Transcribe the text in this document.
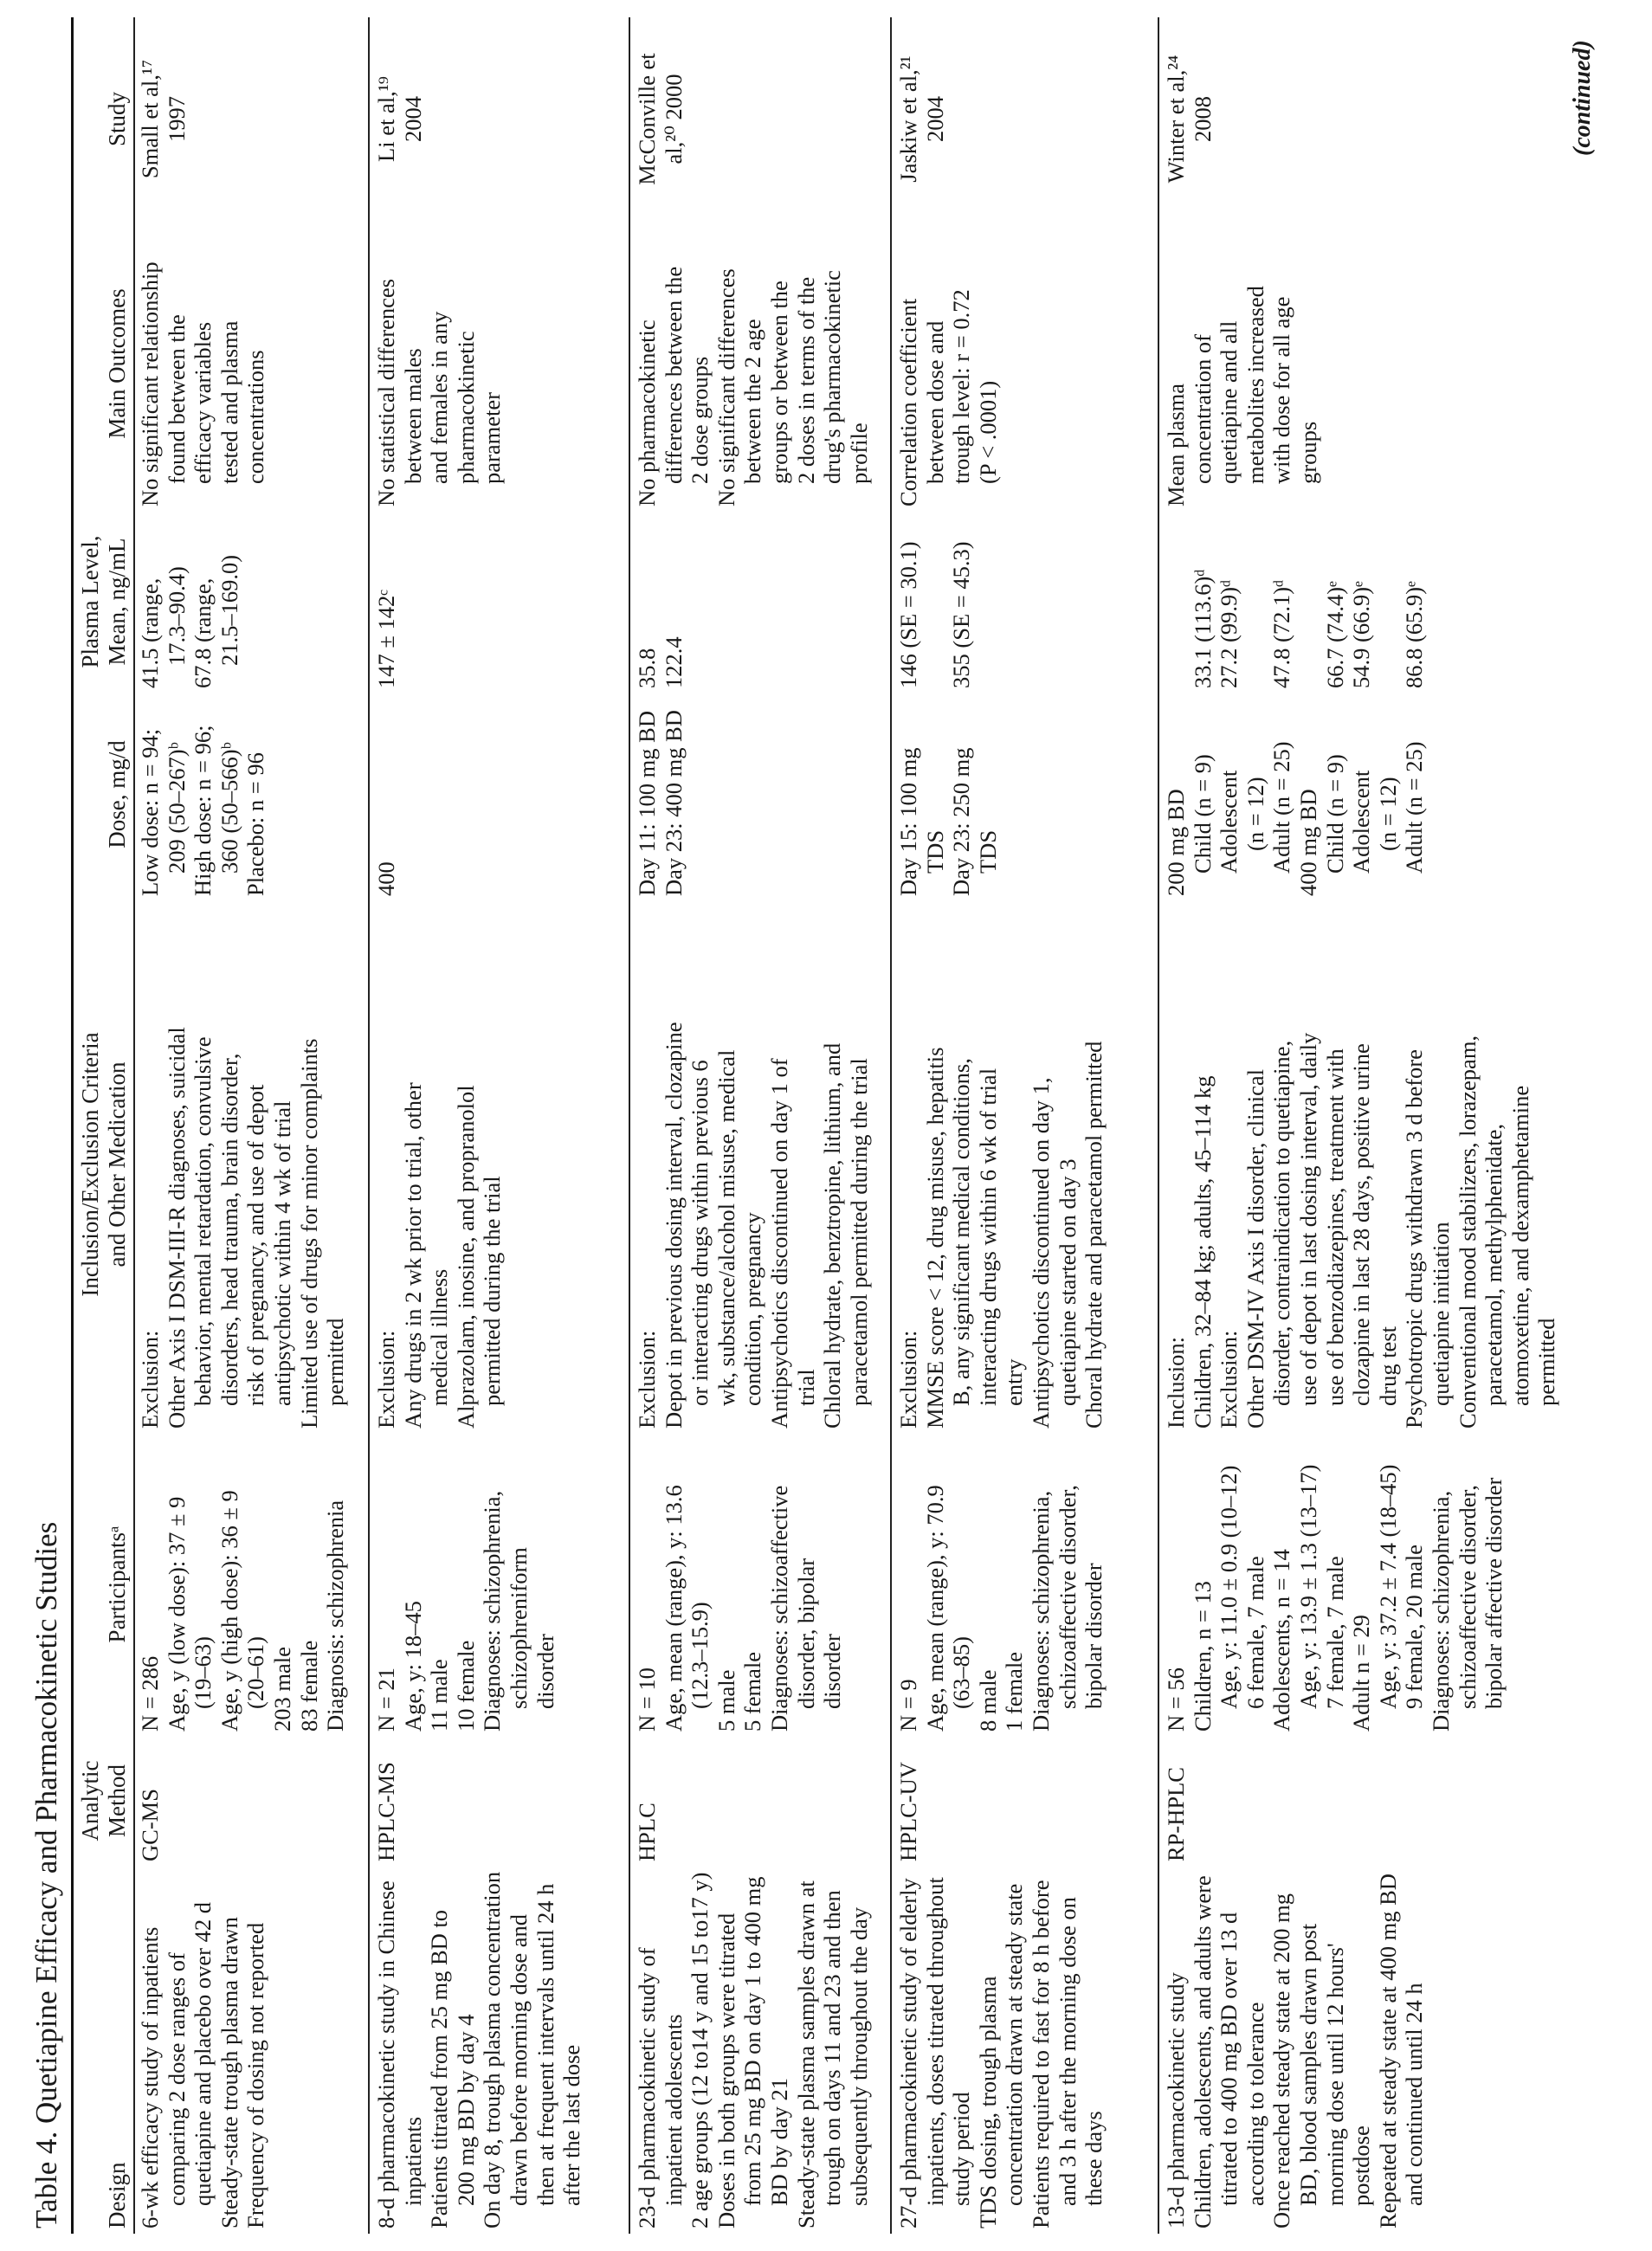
Table 4. Quetiapine Efficacy and Pharmacokinetic Studies Design
Analytic Method
Participantsᵃ
Inclusion/Exclusion Criteria and Other Medication
Dose, mg/d
Plasma Level, Mean, ng/mL
Main Outcomes
Study
6-wk efficacy study of inpatients comparing 2 dose ranges of quetiapine and placebo over 42 d Steady-state trough plasma drawn Frequency of dosing not reported
GC-MS
N = 286 Age, y (low dose): 37 ± 9 (19–63) Age, y (high dose): 36 ± 9 (20–61) 203 male 83 female Diagnosis: schizophrenia
Exclusion: Other Axis I DSM-III-R diagnoses, suicidal behavior, mental retardation, convulsive disorders, head trauma, brain disorder, risk of pregnancy, and use of depot antipsychotic within 4 wk of trial Limited use of drugs for minor complaints permitted
Low dose: n = 94; 209 (50–267)ᵇ High dose: n = 96; 360 (50–566)ᵇ Placebo: n = 96
41.5 (range, 17.3–90.4) 67.8 (range, 21.5–169.0)
No significant relationship found between the efficacy variables tested and plasma concentrations
Small et al,¹⁷ 1997
8-d pharmacokinetic study in Chinese inpatients Patients titrated from 25 mg BD to 200 mg BD by day 4 On day 8, trough plasma concentration drawn before morning dose and then at frequent intervals until 24 h after the last dose
HPLC-MS
N = 21 Age, y: 18–45 11 male 10 female Diagnoses: schizophrenia, schizophreniform disorder
Exclusion: Any drugs in 2 wk prior to trial, other medical illness Alprazolam, inosine, and propranolol permitted during the trial
400
147 ± 142ᶜ
No statistical differences between males and females in any pharmacokinetic parameter
Li et al,¹⁹ 2004
23-d pharmacokinetic study of inpatient adolescents 2 age groups (12 to14 y and 15 to17 y) Doses in both groups were titrated from 25 mg BD on day 1 to 400 mg BD by day 21 Steady-state plasma samples drawn at trough on days 11 and 23 and then subsequently throughout the day
HPLC
N = 10 Age, mean (range), y: 13.6 (12.3–15.9) 5 male 5 female Diagnoses: schizoaffective disorder, bipolar disorder
Exclusion: Depot in previous dosing interval, clozapine or interacting drugs within previous 6 wk, substance/alcohol misuse, medical condition, pregnancy Antipsychotics discontinued on day 1 of trial Chloral hydrate, benztropine, lithium, and paracetamol permitted during the trial
Day 11: 100 mg BD Day 23: 400 mg BD
35.8 122.4
No pharmacokinetic differences between the 2 dose groups No significant differences between the 2 age groups or between the 2 doses in terms of the drug's pharmacokinetic profile
McConville et al,²⁰ 2000
27-d pharmacokinetic study of elderly inpatients, doses titrated throughout study period TDS dosing, trough plasma concentration drawn at steady state Patients required to fast for 8 h before and 3 h after the morning dose on these days
HPLC-UV
N = 9 Age, mean (range), y: 70.9 (63–85) 8 male 1 female Diagnoses: schizophrenia, schizoaffective disorder, bipolar disorder
Exclusion: MMSE score < 12, drug misuse, hepatitis B, any significant medical conditions, interacting drugs within 6 wk of trial entry Antipsychotics discontinued on day 1, quetiapine started on day 3 Choral hydrate and paracetamol permitted
Day 15: 100 mg TDS Day 23: 250 mg TDS
146 (SE = 30.1)
355 (SE = 45.3)
Correlation coefficient between dose and trough level: r = 0.72 (P < .0001)
Jaskiw et al,²¹ 2004
13-d pharmacokinetic study Children, adolescents, and adults were titrated to 400 mg BD over 13 d according to tolerance Once reached steady state at 200 mg BD, blood samples drawn post morning dose until 12 hours' postdose Repeated at steady state at 400 mg BD and continued until 24 h
RP-HPLC
N = 56 Children, n = 13 Age, y: 11.0 ± 0.9 (10–12) 6 female, 7 male Adolescents, n = 14 Age, y: 13.9 ± 1.3 (13–17) 7 female, 7 male Adult n = 29 Age, y: 37.2 ± 7.4 (18–45) 9 female, 20 male Diagnoses: schizophrenia, schizoaffective disorder, bipolar affective disorder
Inclusion: Children, 32–84 kg; adults, 45–114 kg Exclusion: Other DSM-IV Axis I disorder, clinical disorder, contraindication to quetiapine, use of depot in last dosing interval, daily use of benzodiazepines, treatment with clozapine in last 28 days, positive urine drug test Psychotropic drugs withdrawn 3 d before quetiapine initiation Conventional mood stabilizers, lorazepam, paracetamol, methylphenidate, atomoxetine, and dexamphetamine permitted
200 mg BD Child (n = 9) Adolescent (n = 12) Adult (n = 25) 400 mg BD Child (n = 9) Adolescent (n = 12) Adult (n = 25)

33.1 (113.6)ᵈ 27.2 (99.9)ᵈ
47.8 (72.1)ᵈ
66.7 (74.4)ᵉ 54.9 (66.9)ᵉ
86.8 (65.9)ᵉ
Mean plasma concentration of quetiapine and all metabolites increased with dose for all age groups
Winter et al,²⁴ 2008	(continued)
